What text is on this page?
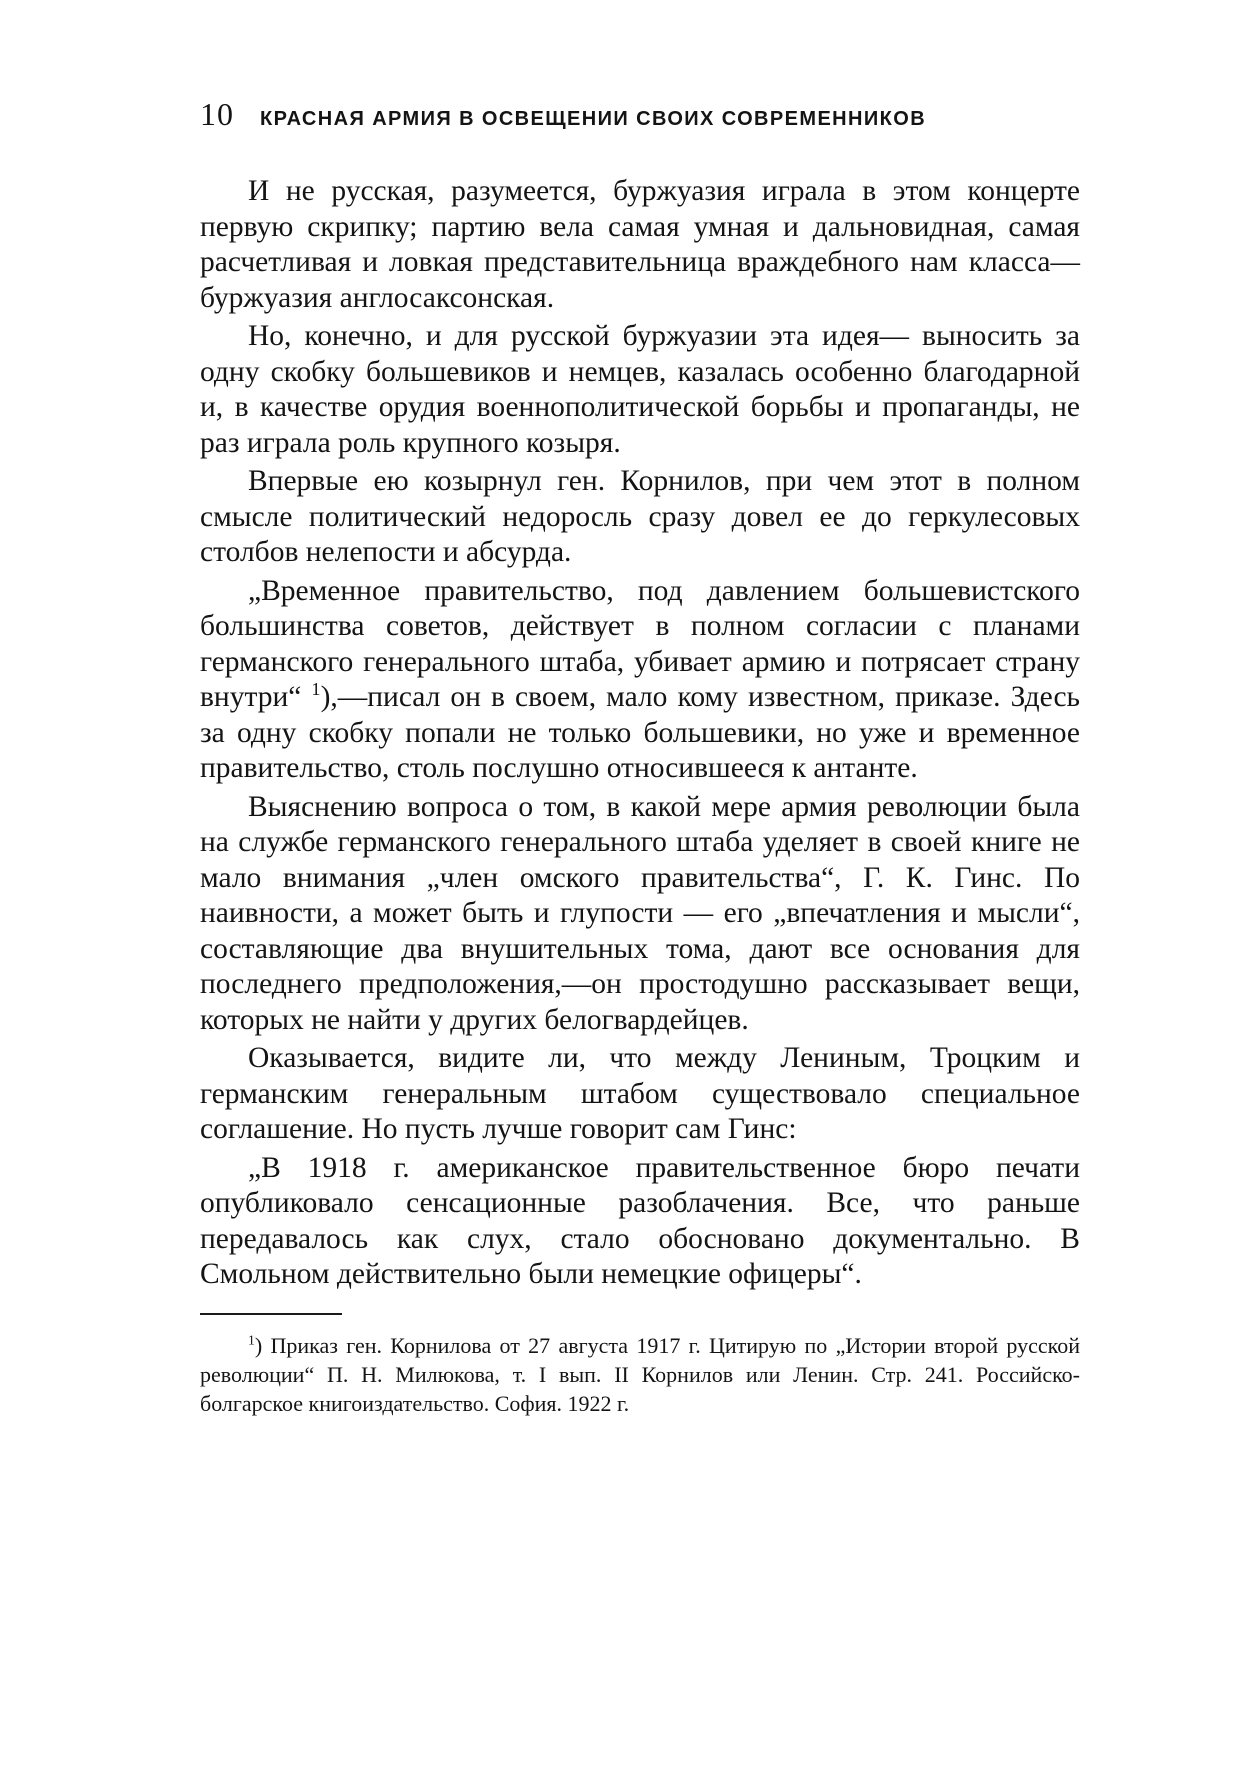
10 КРАСНАЯ АРМИЯ В ОСВЕЩЕНИИ СВОИХ СОВРЕМЕННИКОВ

И не русская, разумеется, буржуазия играла в этом концерте первую скрипку; партию вела самая умная и дальновидная, самая расчетливая и ловкая представительница враждебного нам класса—буржуазия англосаксонская.

Но, конечно, и для русской буржуазии эта идея— выносить за одну скобку большевиков и немцев, казалась особенно благодарной и, в качестве орудия военнополитической борьбы и пропаганды, не раз играла роль крупного козыря.

Впервые ею козырнул ген. Корнилов, при чем этот в полном смысле политический недоросль сразу довел ее до геркулесовых столбов нелепости и абсурда.

„Временное правительство, под давлением большевистского большинства советов, действует в полном согласии с планами германского генерального штаба, убивает армию и потрясает страну внутри“ $^1$),—писал он в своем, мало кому известном, приказе. Здесь за одну скобку попали не только большевики, но уже и временное правительство, столь послушно относившееся к антанте.

Выяснению вопроса о том, в какой мере армия революции была на службе германского генерального штаба уделяет в своей книге не мало внимания „член омского правительства“, Г. К. Гинс. По наивности, а может быть и глупости — его „впечатления и мысли“, составляющие два внушительных тома, дают все основания для последнего предположения,—он простодушно рассказывает вещи, которых не найти у других белогвардейцев.

Оказывается, видите ли, что между Лениным, Троцким и германским генеральным штабом существовало специальное соглашение. Но пусть лучше говорит сам Гинс:

„В 1918 г. американское правительственное бюро печати опубликовало сенсационные разоблачения. Все, что раньше передавалось как слух, стало обосновано документально. В Смольном действительно были немецкие офицеры“.

$^1$) Приказ ген. Корнилова от 27 августа 1917 г. Цитирую по „Истории второй русской революции“ П. Н. Милюкова, т. I вып. II Корнилов или Ленин. Стр. 241. Российско-болгарское книгоиздательство. София. 1922 г.
